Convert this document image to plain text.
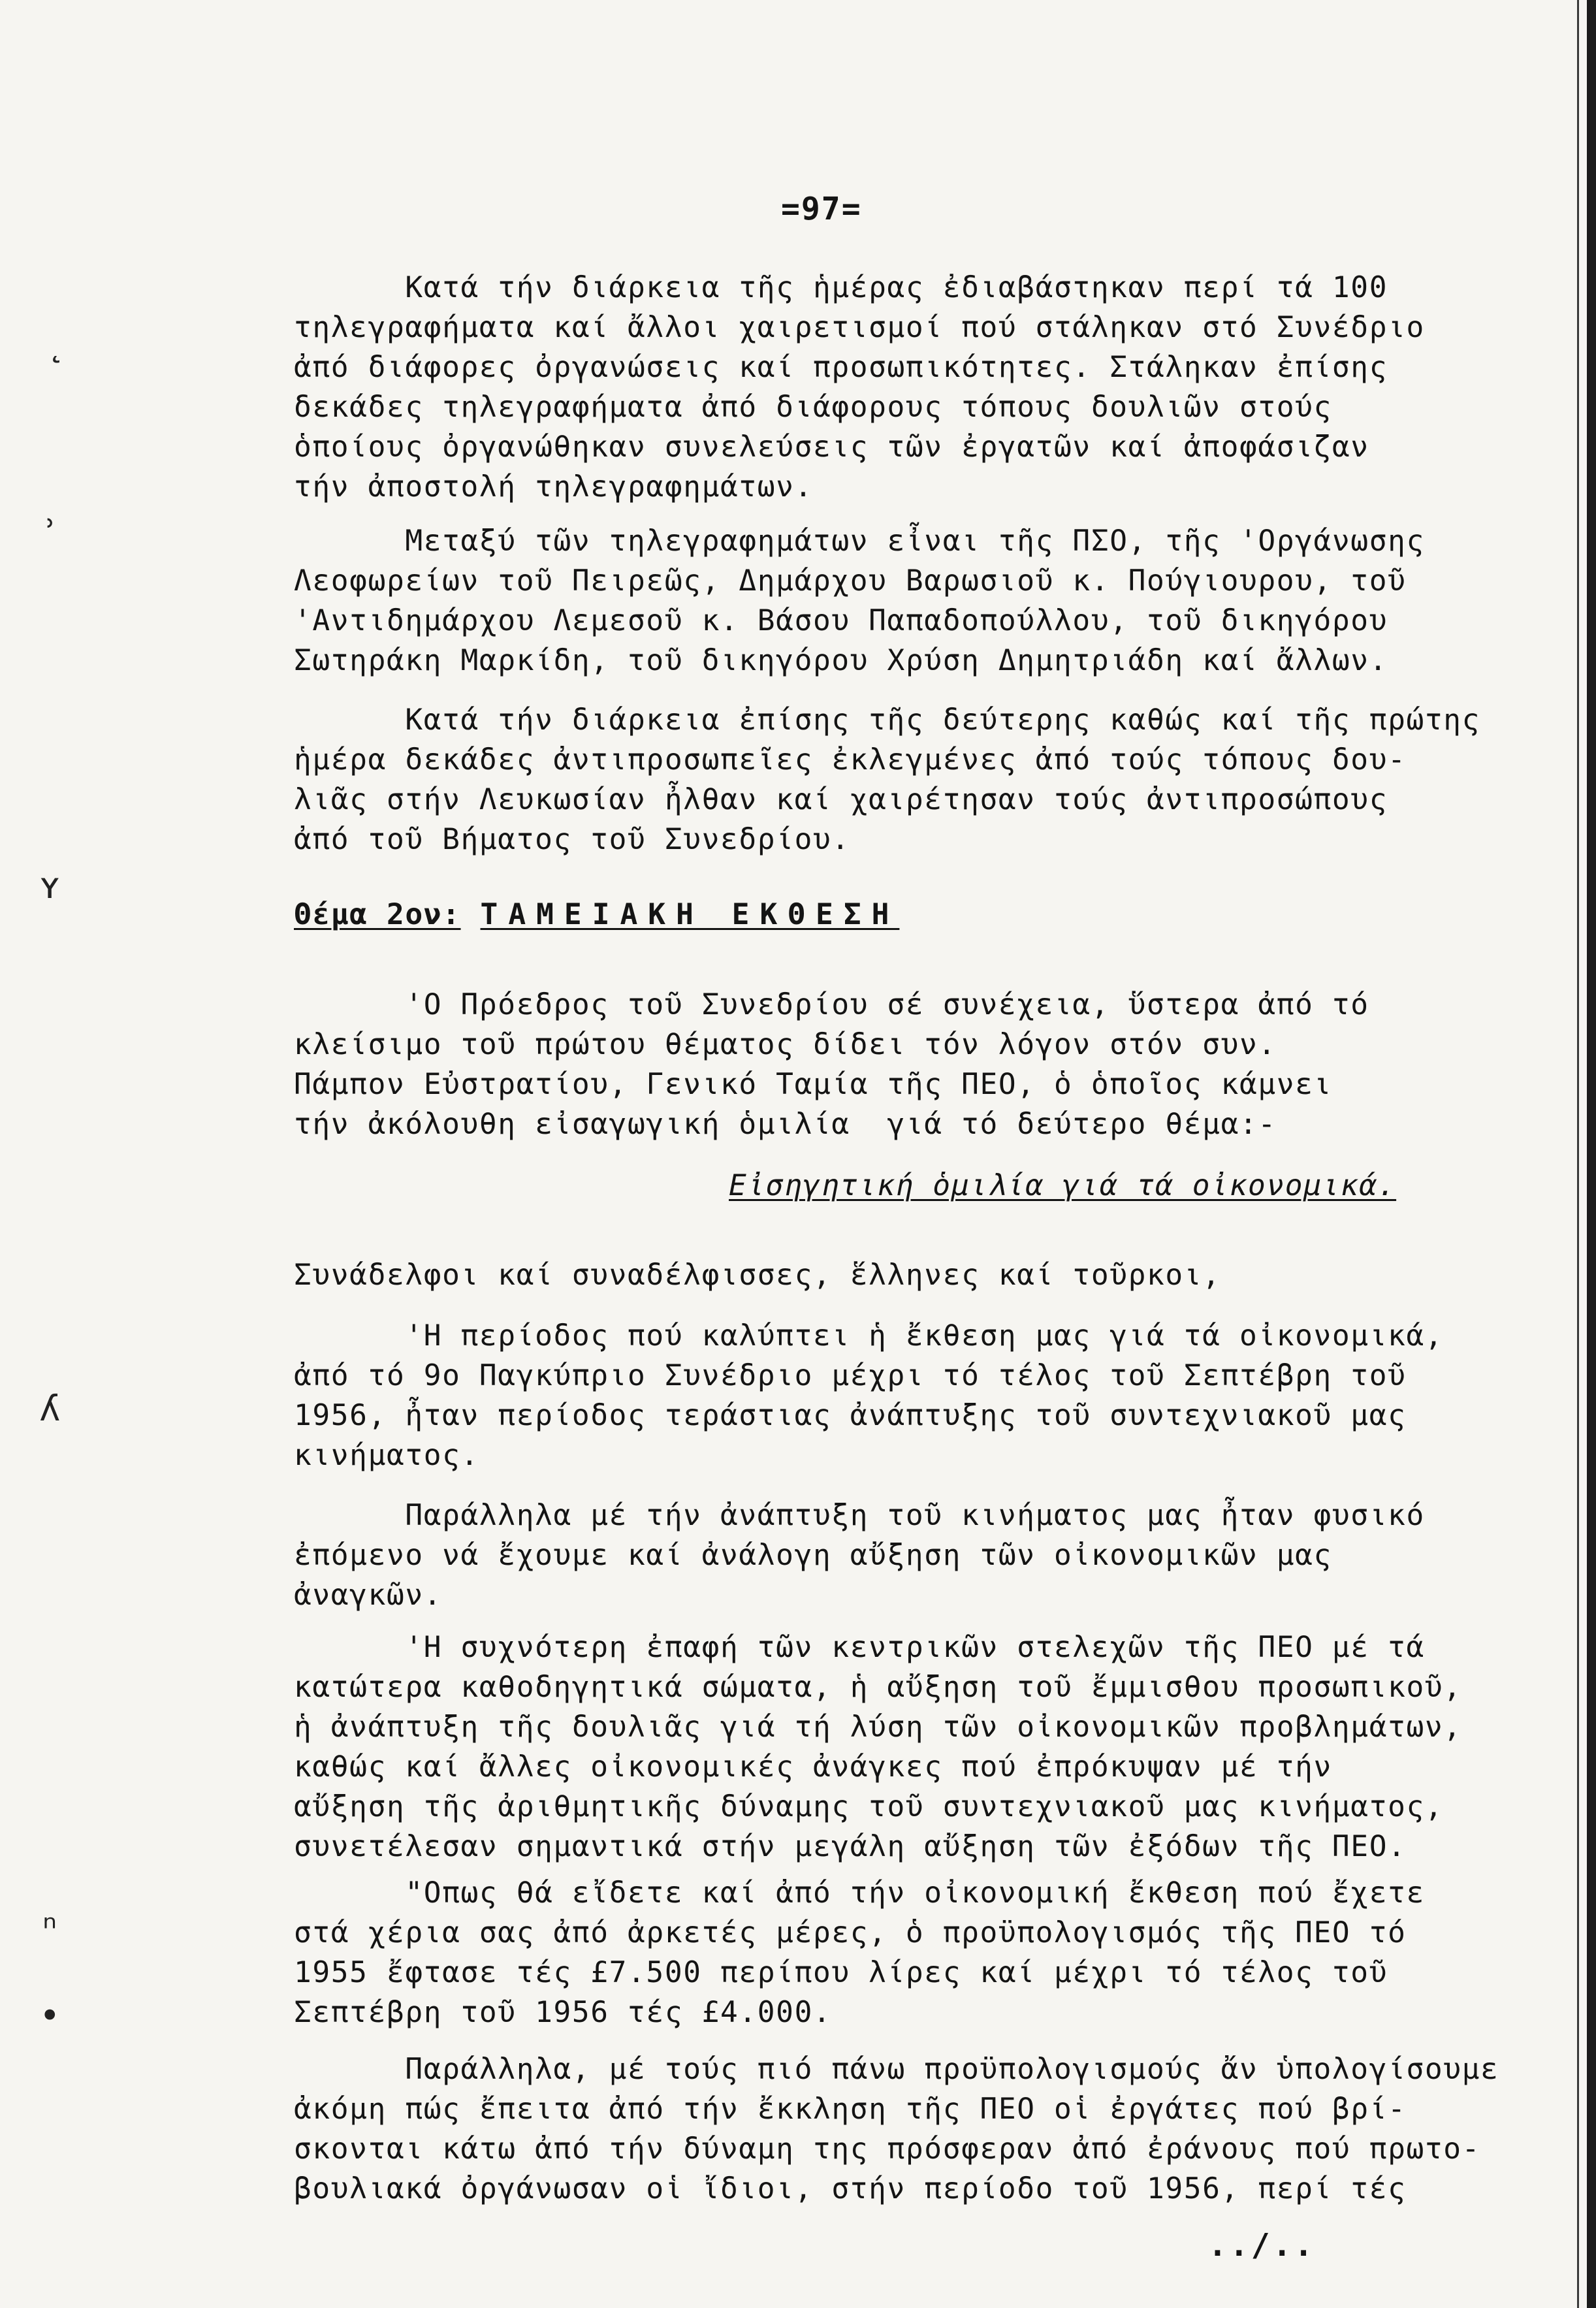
˛
ʾ
ʏ
ʎ
ⁿ
•
=97=
Κατά τήν διάρκεια τῆς ἡμέρας ἐδιαβάστηκαν περί τά 100
τηλεγραφήματα καί ἄλλοι χαιρετισμοί πού στάληκαν στό Συνέδριο
ἀπό διάφορες ὀργανώσεις καί προσωπικότητες. Στάληκαν ἐπίσης
δεκάδες τηλεγραφήματα ἀπό διάφορους τόπους δουλιῶν στούς
ὁποίους ὀργανώθηκαν συνελεύσεις τῶν ἐργατῶν καί ἀποφάσιζαν
τήν ἀποστολή τηλεγραφημάτων.
Μεταξύ τῶν τηλεγραφημάτων εἶναι τῆς ΠΣΟ, τῆς 'Οργάνωσης
Λεοφωρείων τοῦ Πειρεῶς, Δημάρχου Βαρωσιοῦ κ. Πούγιουρου, τοῦ
'Αντιδημάρχου Λεμεσοῦ κ. Βάσου Παπαδοπούλλου, τοῦ δικηγόρου
Σωτηράκη Μαρκίδη, τοῦ δικηγόρου Χρύση Δημητριάδη καί ἄλλων.
Κατά τήν διάρκεια ἐπίσης τῆς δεύτερης καθώς καί τῆς πρώτης
ἡμέρα δεκάδες ἀντιπροσωπεῖες ἐκλεγμένες ἀπό τούς τόπους δου-
λιᾶς στήν Λευκωσίαν ἦλθαν καί χαιρέτησαν τούς ἀντιπροσώπους
ἀπό τοῦ Βήματος τοῦ Συνεδρίου.
Θέμα 2ον: ΤΑΜΕΙΑΚΗ ΕΚΘΕΣΗ
'Ο Πρόεδρος τοῦ Συνεδρίου σέ συνέχεια, ὕστερα ἀπό τό
κλείσιμο τοῦ πρώτου θέματος δίδει τόν λόγον στόν συν.
Πάμπον Εὐστρατίου, Γενικό Ταμία τῆς ΠΕΟ, ὁ ὁποῖος κάμνει
τήν ἀκόλουθη εἰσαγωγική ὁμιλία  γιά τό δεύτερο θέμα:-
Εἰσηγητική ὁμιλία γιά τά οἰκονομικά.
Συνάδελφοι καί συναδέλφισσες, ἕλληνες καί τοῦρκοι,
'Η περίοδος πού καλύπτει ἡ ἔκθεση μας γιά τά οἰκονομικά,
ἀπό τό 9ο Παγκύπριο Συνέδριο μέχρι τό τέλος τοῦ Σεπτέβρη τοῦ
1956, ἦταν περίοδος τεράστιας ἀνάπτυξης τοῦ συντεχνιακοῦ μας
κινήματος.
Παράλληλα μέ τήν ἀνάπτυξη τοῦ κινήματος μας ἦταν φυσικό
ἐπόμενο νά ἔχουμε καί ἀνάλογη αὔξηση τῶν οἰκονομικῶν μας
ἀναγκῶν.
'Η συχνότερη ἐπαφή τῶν κεντρικῶν στελεχῶν τῆς ΠΕΟ μέ τά
κατώτερα καθοδηγητικά σώματα, ἡ αὔξηση τοῦ ἔμμισθου προσωπικοῦ,
ἡ ἀνάπτυξη τῆς δουλιᾶς γιά τή λύση τῶν οἰκονομικῶν προβλημάτων,
καθώς καί ἄλλες οἰκονομικές ἀνάγκες πού ἐπρόκυψαν μέ τήν
αὔξηση τῆς ἀριθμητικῆς δύναμης τοῦ συντεχνιακοῦ μας κινήματος,
συνετέλεσαν σημαντικά στήν μεγάλη αὔξηση τῶν ἐξόδων τῆς ΠΕΟ.
"Οπως θά εἴδετε καί ἀπό τήν οἰκονομική ἔκθεση πού ἔχετε
στά χέρια σας ἀπό ἀρκετές μέρες, ὁ προϋπολογισμός τῆς ΠΕΟ τό
1955 ἔφτασε τές £7.500 περίπου λίρες καί μέχρι τό τέλος τοῦ
Σεπτέβρη τοῦ 1956 τές £4.000.
Παράλληλα, μέ τούς πιό πάνω προϋπολογισμούς ἄν ὑπολογίσουμε
ἀκόμη πώς ἔπειτα ἀπό τήν ἔκκληση τῆς ΠΕΟ οἱ ἐργάτες πού βρί-
σκονται κάτω ἀπό τήν δύναμη της πρόσφεραν ἀπό ἐράνους πού πρωτο-
βουλιακά ὀργάνωσαν οἱ ἴδιοι, στήν περίοδο τοῦ 1956, περί τές
../..
